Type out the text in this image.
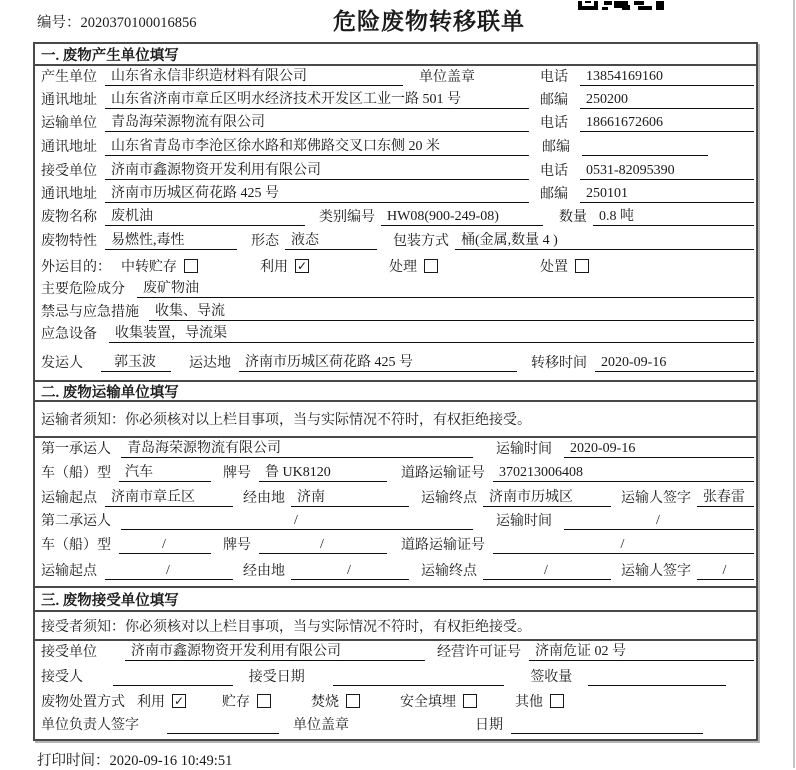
编号：2020370100016856	危险废物转移联单
一. 废物产生单位填写
产生单位	山东省永信非织造材料有限公司	单位盖章	电话	13854169160
通讯地址	山东省济南市章丘区明水经济技术开发区工业一路 501 号	邮编	250200
运输单位	青岛海荣源物流有限公司	电话	18661672606
通讯地址	山东省青岛市李沧区徐水路和郑佛路交叉口东侧 20 米	邮编
接受单位	济南市鑫源物资开发利用有限公司	电话	0531-82095390
通讯地址	济南市历城区荷花路 425 号	邮编	250101
废物名称	废机油	类别编号 HW08(900-249-08)	数量 0.8 吨
废物特性	易燃性,毒性	形态 液态	包装方式 桶(金属,数量 4 )
外运目的： 中转贮存	利用 ✓	处理	处置
主要危险成分	废矿物油
禁忌与应急措施	收集、导流
应急设备	收集装置，导流渠
发运人	郭玉波	运达地	济南市历城区荷花路 425 号	转移时间	2020-09-16
二. 废物运输单位填写
运输者须知：你必须核对以上栏目事项，当与实际情况不符时，有权拒绝接受。
第一承运人	青岛海荣源物流有限公司	运输时间	2020-09-16
车（船）型	汽车	牌号	鲁 UK8120	道路运输证号	370213006408
运输起点	济南市章丘区	经由地 济南	运输终点 济南市历城区	运输人签字 张春雷
第二承运人	/	运输时间	/
车（船）型	/	牌号	/	道路运输证号	/
运输起点	/	经由地	/	运输终点	/	运输人签字	/
三. 废物接受单位填写
接受者须知：你必须核对以上栏目事项，当与实际情况不符时，有权拒绝接受。
接受单位	济南市鑫源物资开发利用有限公司	经营许可证号	济南危证 02 号
接受人	接受日期	签收量
废物处置方式 利用 ✓	贮存	焚烧	安全填埋	其他
单位负责人签字	单位盖章	日期
打印时间：2020-09-16 10:49:51
